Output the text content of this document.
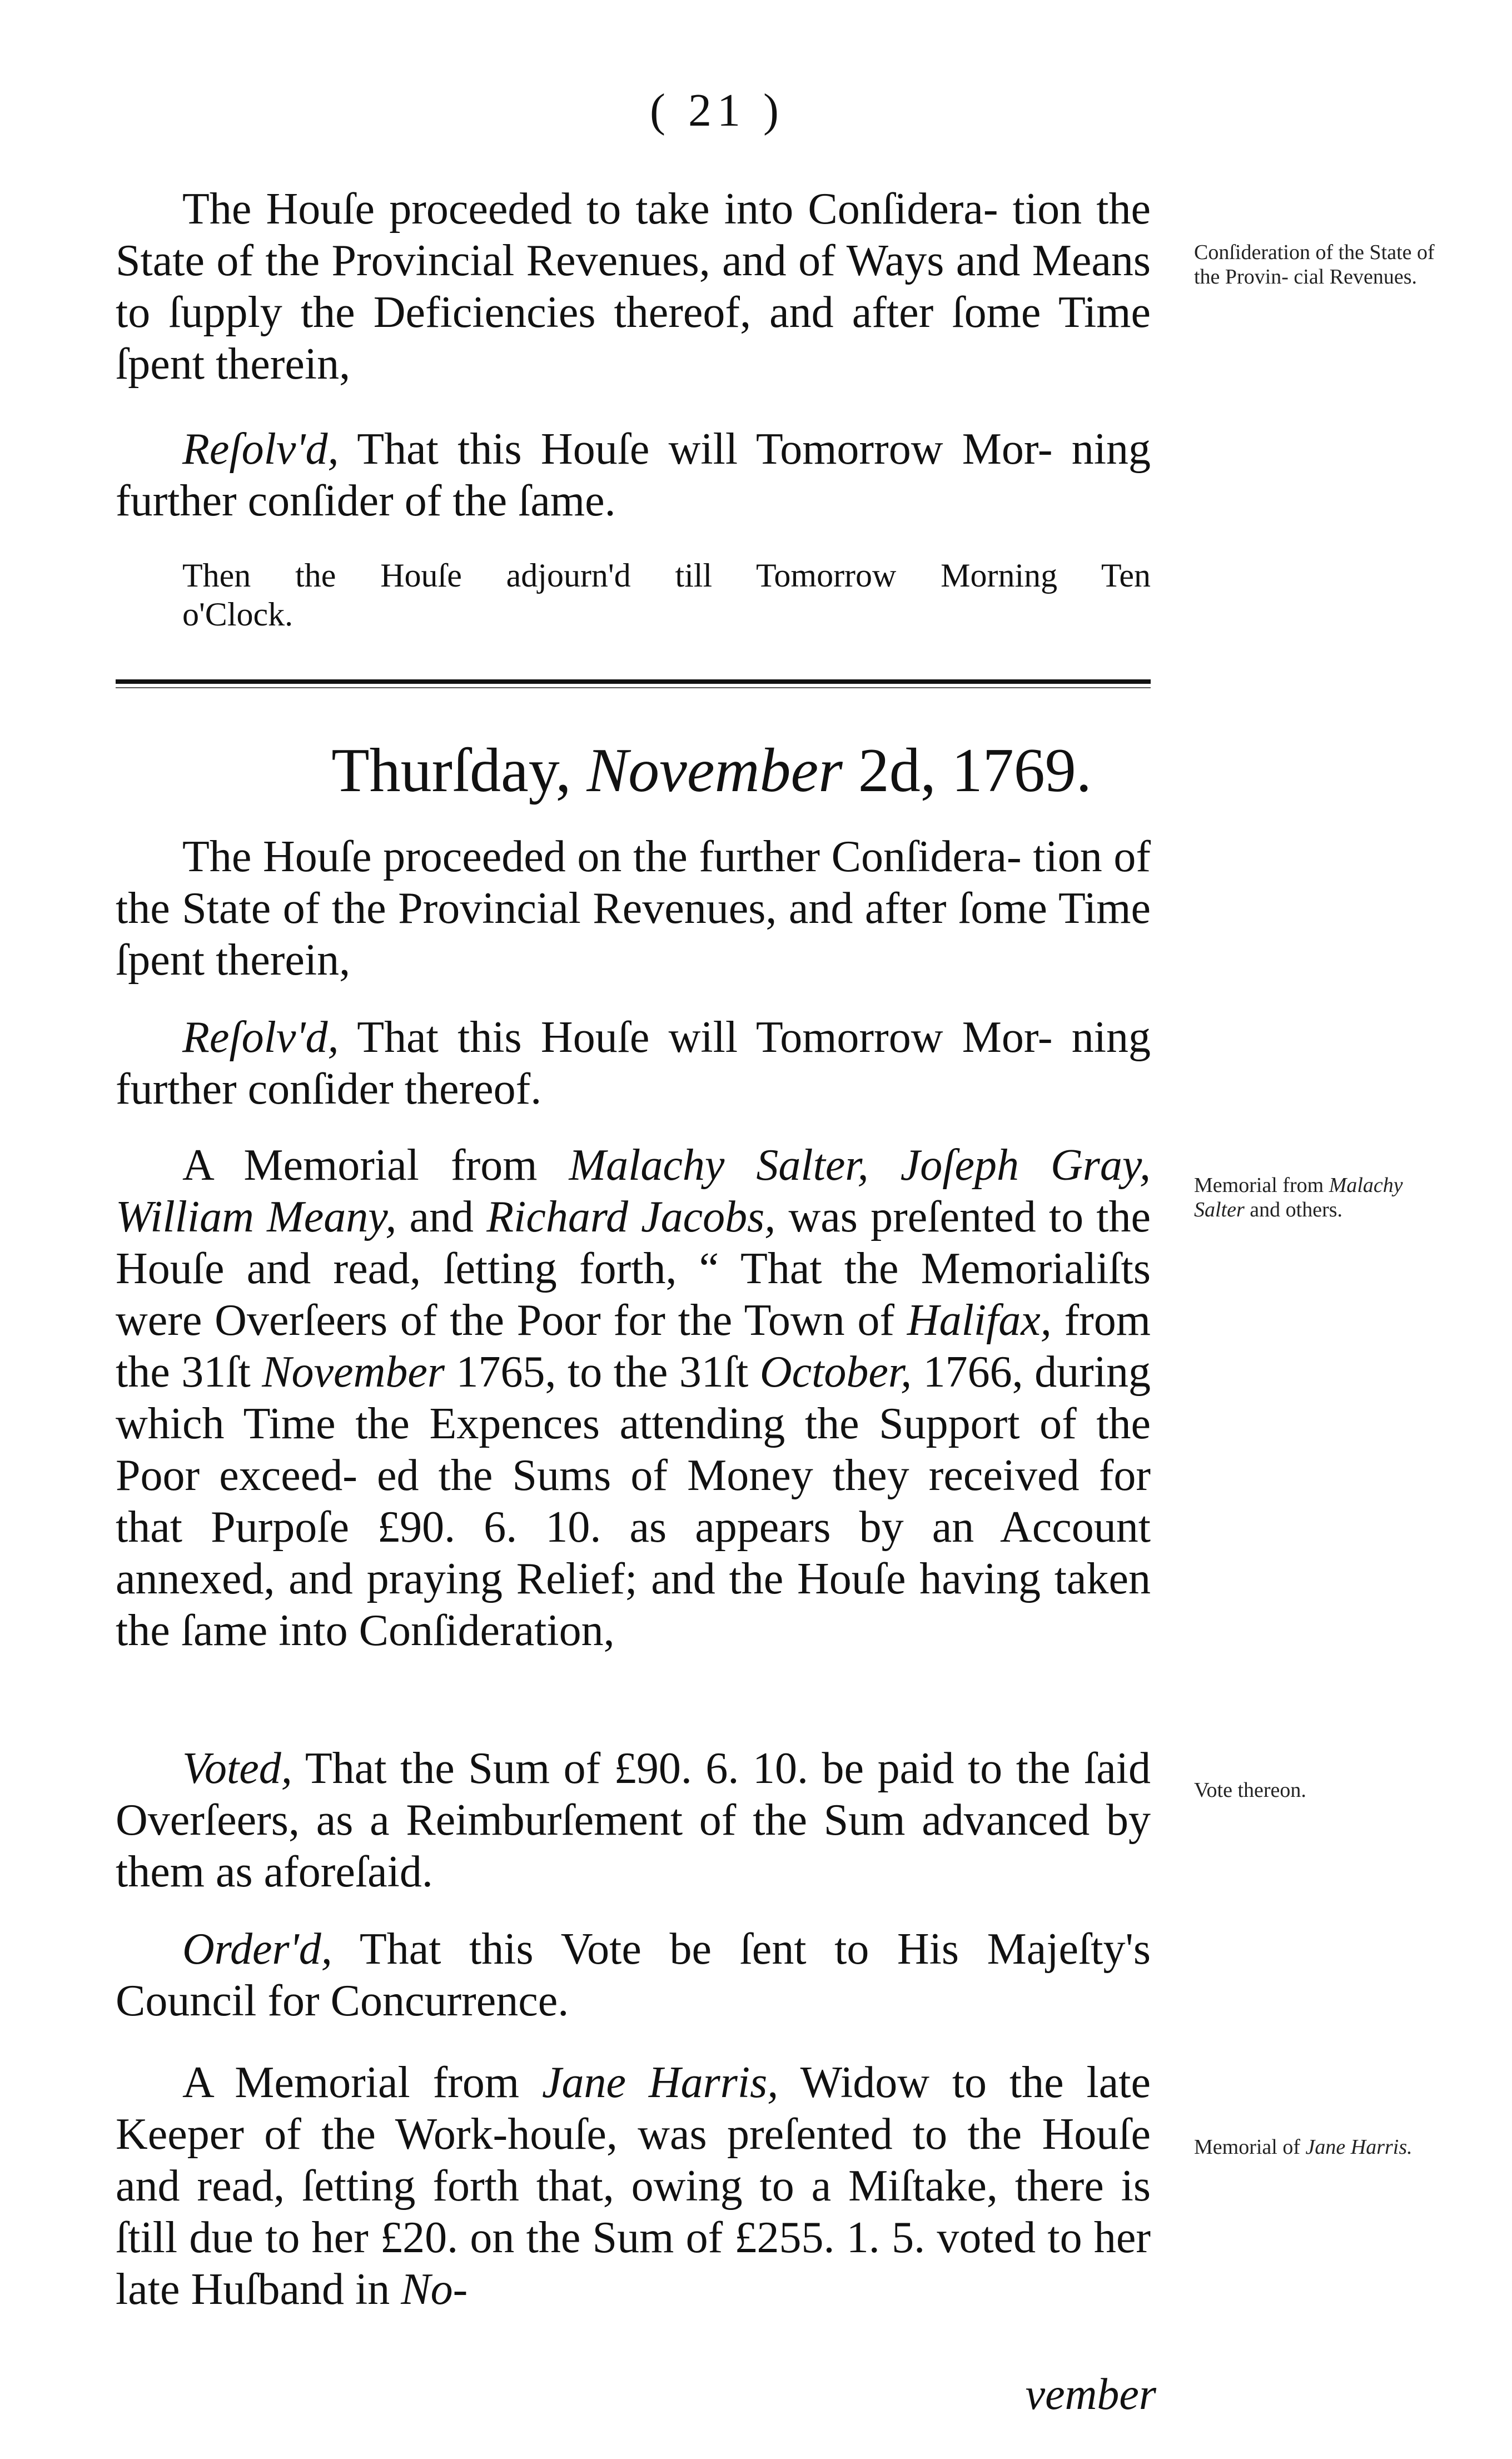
( 21 )

The Houſe proceeded to take into Conſidera- tion the State of the Provincial Revenues, and of Ways and Means to ſupply the Deficiencies thereof, and after ſome Time ſpent therein,

Conſideration of the State of the Provin- cial Revenues.

Reſolv'd, That this Houſe will Tomorrow Mor- ning further conſider of the ſame.

Then the Houſe adjourn'd till Tomorrow Morning Ten

o'Clock.
Thurſday, November 2d, 1769.

The Houſe proceeded on the further Conſidera- tion of the State of the Provincial Revenues, and after ſome Time ſpent therein,

Reſolv'd, That this Houſe will Tomorrow Mor- ning further conſider thereof.

A Memorial from Malachy Salter, Joſeph Gray, William Meany, and Richard Jacobs, was preſented to the Houſe and read, ſetting forth, “ That the Memorialiſts were Overſeers of the Poor for the Town of Halifax, from the 31ſt November 1765, to the 31ſt October, 1766, during which Time the Expences attending the Support of the Poor exceed- ed the Sums of Money they received for that Purpoſe £90. 6. 10. as appears by an Account annexed, and praying Relief; and the Houſe having taken the ſame into Conſideration,

Memorial from Malachy Salter and others.

Voted, That the Sum of £90. 6. 10. be paid to the ſaid Overſeers, as a Reimburſement of the Sum advanced by them as aforeſaid.

Vote thereon.

Order'd, That this Vote be ſent to His Majeſty's Council for Concurrence.

A Memorial from Jane Harris, Widow to the late Keeper of the Work-houſe, was preſented to the Houſe and read, ſetting forth that, owing to a Miſtake, there is ſtill due to her £20. on the Sum of £255. 1. 5. voted to her late Huſband in No-

Memorial of Jane Harris.
vember
